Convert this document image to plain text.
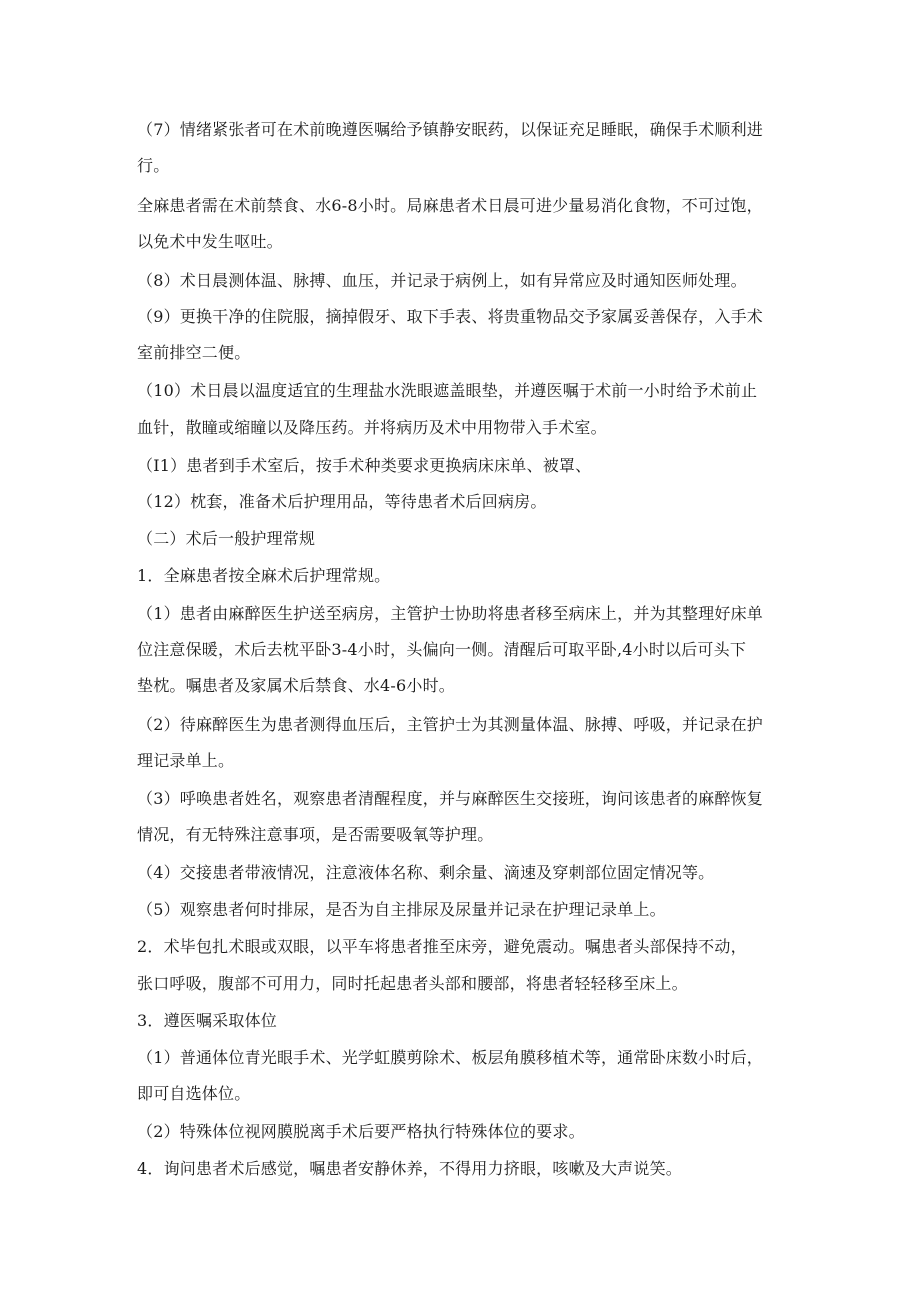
（7）情绪紧张者可在术前晚遵医嘱给予镇静安眠药，以保证充足睡眠，确保手术顺利进
行。
全麻患者需在术前禁食、水6-8小时。局麻患者术日晨可进少量易消化食物，不可过饱，
以免术中发生呕吐。
（8）术日晨测体温、脉搏、血压，并记录于病例上，如有异常应及时通知医师处理。
（9）更换干净的住院服，摘掉假牙、取下手表、将贵重物品交予家属妥善保存，入手术
室前排空二便。
（10）术日晨以温度适宜的生理盐水洗眼遮盖眼垫，并遵医嘱于术前一小时给予术前止
血针，散瞳或缩瞳以及降压药。并将病历及术中用物带入手术室。
（I1）患者到手术室后，按手术种类要求更换病床床单、被罩、
（12）枕套，准备术后护理用品，等待患者术后回病房。
（二）术后一般护理常规
1．全麻患者按全麻术后护理常规。
（1）患者由麻醉医生护送至病房，主管护士协助将患者移至病床上，并为其整理好床单
位注意保暖，术后去枕平卧3-4小时，头偏向一侧。清醒后可取平卧,4小时以后可头下
垫枕。嘱患者及家属术后禁食、水4-6小时。
（2）待麻醉医生为患者测得血压后，主管护士为其测量体温、脉搏、呼吸，并记录在护
理记录单上。
（3）呼唤患者姓名，观察患者清醒程度，并与麻醉医生交接班，询问该患者的麻醉恢复
情况，有无特殊注意事项，是否需要吸氧等护理。
（4）交接患者带液情况，注意液体名称、剩余量、滴速及穿刺部位固定情况等。
（5）观察患者何时排尿，是否为自主排尿及尿量并记录在护理记录单上。
2．术毕包扎术眼或双眼，以平车将患者推至床旁，避免震动。嘱患者头部保持不动，
张口呼吸，腹部不可用力，同时托起患者头部和腰部，将患者轻轻移至床上。
3．遵医嘱采取体位
（1）普通体位青光眼手术、光学虹膜剪除术、板层角膜移植术等，通常卧床数小时后，
即可自选体位。
（2）特殊体位视网膜脱离手术后要严格执行特殊体位的要求。
4．询问患者术后感觉，嘱患者安静休养，不得用力挤眼，咳嗽及大声说笑。
